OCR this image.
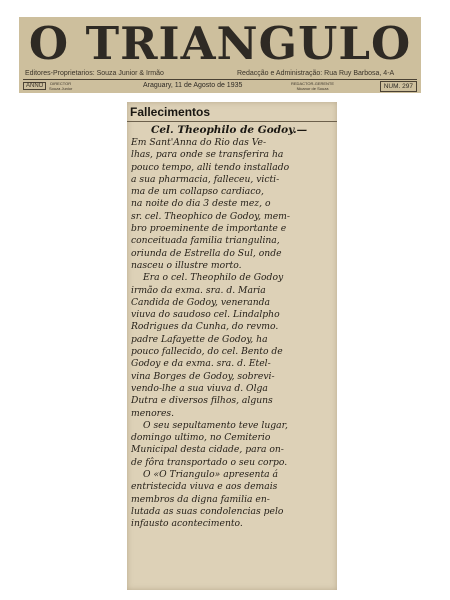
O TRIANGULO
Editores-Proprietarios: Souza Junior & Irmão	Redacção e Administração: Rua Ruy Barbosa, 4-A
ANNO	DIRECTOR
Souza Junior	Araguary, 11 de Agosto de 1935	REDACTOR-GERENTE
Nicanor de Souza	NUM. 297
Fallecimentos
Cel. Theophilo de Godoy.—
Em Sant'Anna do Rio das Ve-
lhas, para onde se transferira ha
pouco tempo, alli tendo installado
a sua pharmacia, falleceu, victi-
ma de um collapso cardiaco,
na noite do dia 3 deste mez, o
sr. cel. Theophico de Godoy, mem-
bro proeminente de importante e
conceituada familia triangulina,
oriunda de Estrella do Sul, onde
nasceu o illustre morto.
Era o cel. Theophilo de Godoy
irmão da exma. sra. d. Maria
Candida de Godoy, veneranda
viuva do saudoso cel. Lindalpho
Rodrigues da Cunha, do revmo.
padre Lafayette de Godoy, ha
pouco fallecido, do cel. Bento de
Godoy e da exma. sra. d. Etel-
vina Borges de Godoy, sobrevi-
vendo-lhe a sua viuva d. Olga
Dutra e diversos filhos, alguns
menores.
O seu sepultamento teve lugar,
domingo ultimo, no Cemiterio
Municipal desta cidade, para on-
de fôra transportado o seu corpo.
O «O Triangulo» apresenta á
entristecida viuva e aos demais
membros da digna familia en-
lutada as suas condolencias pelo
infausto acontecimento.
